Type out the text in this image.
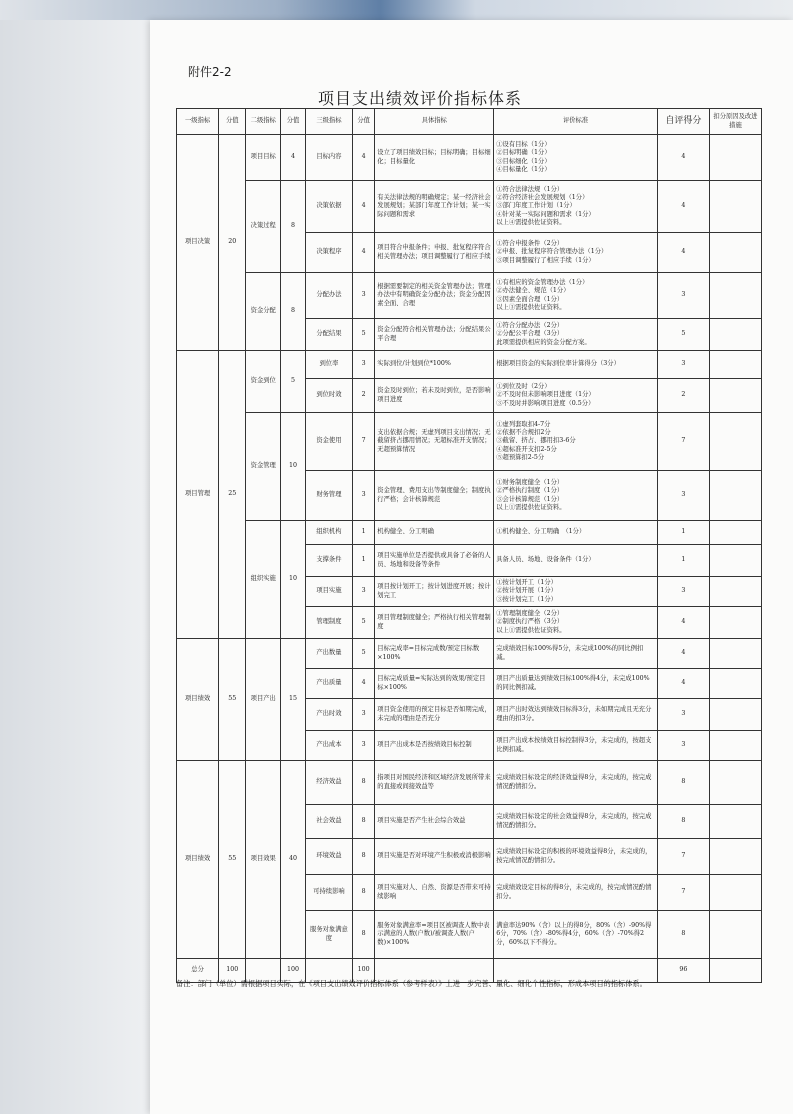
附件2-2
项目支出绩效评价指标体系
一级指标	分值	二级指标	分值	三级指标	分值	具体指标	评价标准	自评得分	扣分原因及改进措施
项目决策	20	项目目标	4	目标内容	4	设立了项目绩效目标；目标明确；目标细化；目标量化	①设有目标（1分）
②目标明确（1分）
③目标细化（1分）
④目标量化（1分）	4	
		决策过程	8	决策依据	4	有关法律法规的明确规定；某一经济社会发展规划；某部门年度工作计划；某一实际问题和需求	①符合法律法规（1分）
②符合经济社会发展规划（1分）
③部门年度工作计划（1分）
④针对某一实际问题和需求（1分）
以上④需提供佐证资料。	4	
				决策程序	4	项目符合申报条件；申报、批复程序符合相关管理办法；项目调整履行了相应手续	①符合申报条件（2分）
②申报、批复程序符合管理办法（1分）
③项目调整履行了相应手续（1分）	4	
		资金分配	8	分配办法	3	根据需要制定的相关资金管理办法；管理办法中有明确资金分配办法；资金分配因素全面、合理	①有相应的资金管理办法（1分）
②办法健全、规范（1分）
③因素全面合理（1分）
以上③需提供佐证资料。	3	
				分配结果	5	资金分配符合相关管理办法；分配结果公平合理	①符合分配办法（2分）
②分配公平合理（3分）
此项需提供相应的资金分配方案。	5	
项目管理	25	资金到位	5	到位率	3	实际到位/计划到位*100%	根据项目资金的实际到位率计算得分（3分）	3	
				到位时效	2	资金及时到位；若未及时到位，是否影响项目进度	①到位及时（2分）
②不及时但未影响项目进度（1分）
③不及时并影响项目进度（0.5分）	2	
		资金管理	10	资金使用	7	支出依据合规；无虚列项目支出情况；无截留挤占挪用情况；无超标准开支情况；无超预算情况	①虚列套取扣4-7分
②依据不合规扣2分
③截留、挤占、挪用扣3-6分
④超标准开支扣2-5分
⑤超预算扣2-5分	7	
				财务管理	3	资金管理、费用支出等制度健全；制度执行严格；会计核算规范	①财务制度健全（1分）
②严格执行制度（1分）
③会计核算规范（1分）
以上①需提供佐证资料。	3	
		组织实施	10	组织机构	1	机构健全、分工明确	①机构健全、分工明确　（1分）	1	
				支撑条件	1	项目实施单位是否提供或具备了必备的人员、场地和设备等条件	具备人员、场地、设备条件（1分）	1	
				项目实施	3	项目按计划开工；按计划进度开展；按计划完工	①按计划开工（1分）
②按计划开展（1分）
③按计划完工（1分）	3	
				管理制度	5	项目管理制度健全；严格执行相关管理制度	①管理制度健全（2分）
②制度执行严格（3分）
以上①需提供佐证资料。	4	
项目绩效	55	项目产出	15	产出数量	5	目标完成率=目标完成数/预定目标数×100%	完成绩效目标100%得5分，未完成100%的同比例扣减。	4	
				产出质量	4	目标完成质量=实际达到的效果/预定目标×100%	项目产出质量达到绩效目标100%得4分，未完成100%的同比例扣减。	4	
				产出时效	3	项目资金使用的预定目标是否如期完成，未完成的理由是否充分	项目产出时效达到绩效目标得3分，未如期完成且无充分理由的扣3分。	3	
				产出成本	3	项目产出成本是否按绩效目标控制	项目产出成本按绩效目标控制得3分，未完成的，按超支比例扣减。	3	
项目绩效	55	项目效果	40	经济效益	8	指项目对国民经济和区域经济发展所带来的直接或间接效益等	完成绩效目标设定的经济效益得8分，未完成的，按完成情况酌情扣分。	8	
				社会效益	8	项目实施是否产生社会综合效益	完成绩效目标设定的社会效益得8分，未完成的，按完成情况酌情扣分。	8	
				环境效益	8	项目实施是否对环境产生积极或消极影响	完成绩效目标设定的积极的环境效益得8分，未完成的，按完成情况酌情扣分。	7	
				可持续影响	8	项目实施对人、自然、资源是否带来可持续影响	完成绩效设定目标的得8分，未完成的，按完成情况酌情扣分。	7	
				服务对象满意度	8	服务对象满意率=项目区被调查人数中表示满意的人数(户数)/被调查人数(户数)×100%	满意率达90%（含）以上的得8分，80%（含）-90%得6分，70%（含）-80%得4分，60%（含）-70%得2分，60%以下不得分。	8	
总分	100		100		100			96	
备注：部门（单位）需根据项目实际，在《项目支出绩效评价指标体系（参考样表）》上进一步完善、量化、细化个性指标，形成本项目的指标体系。
